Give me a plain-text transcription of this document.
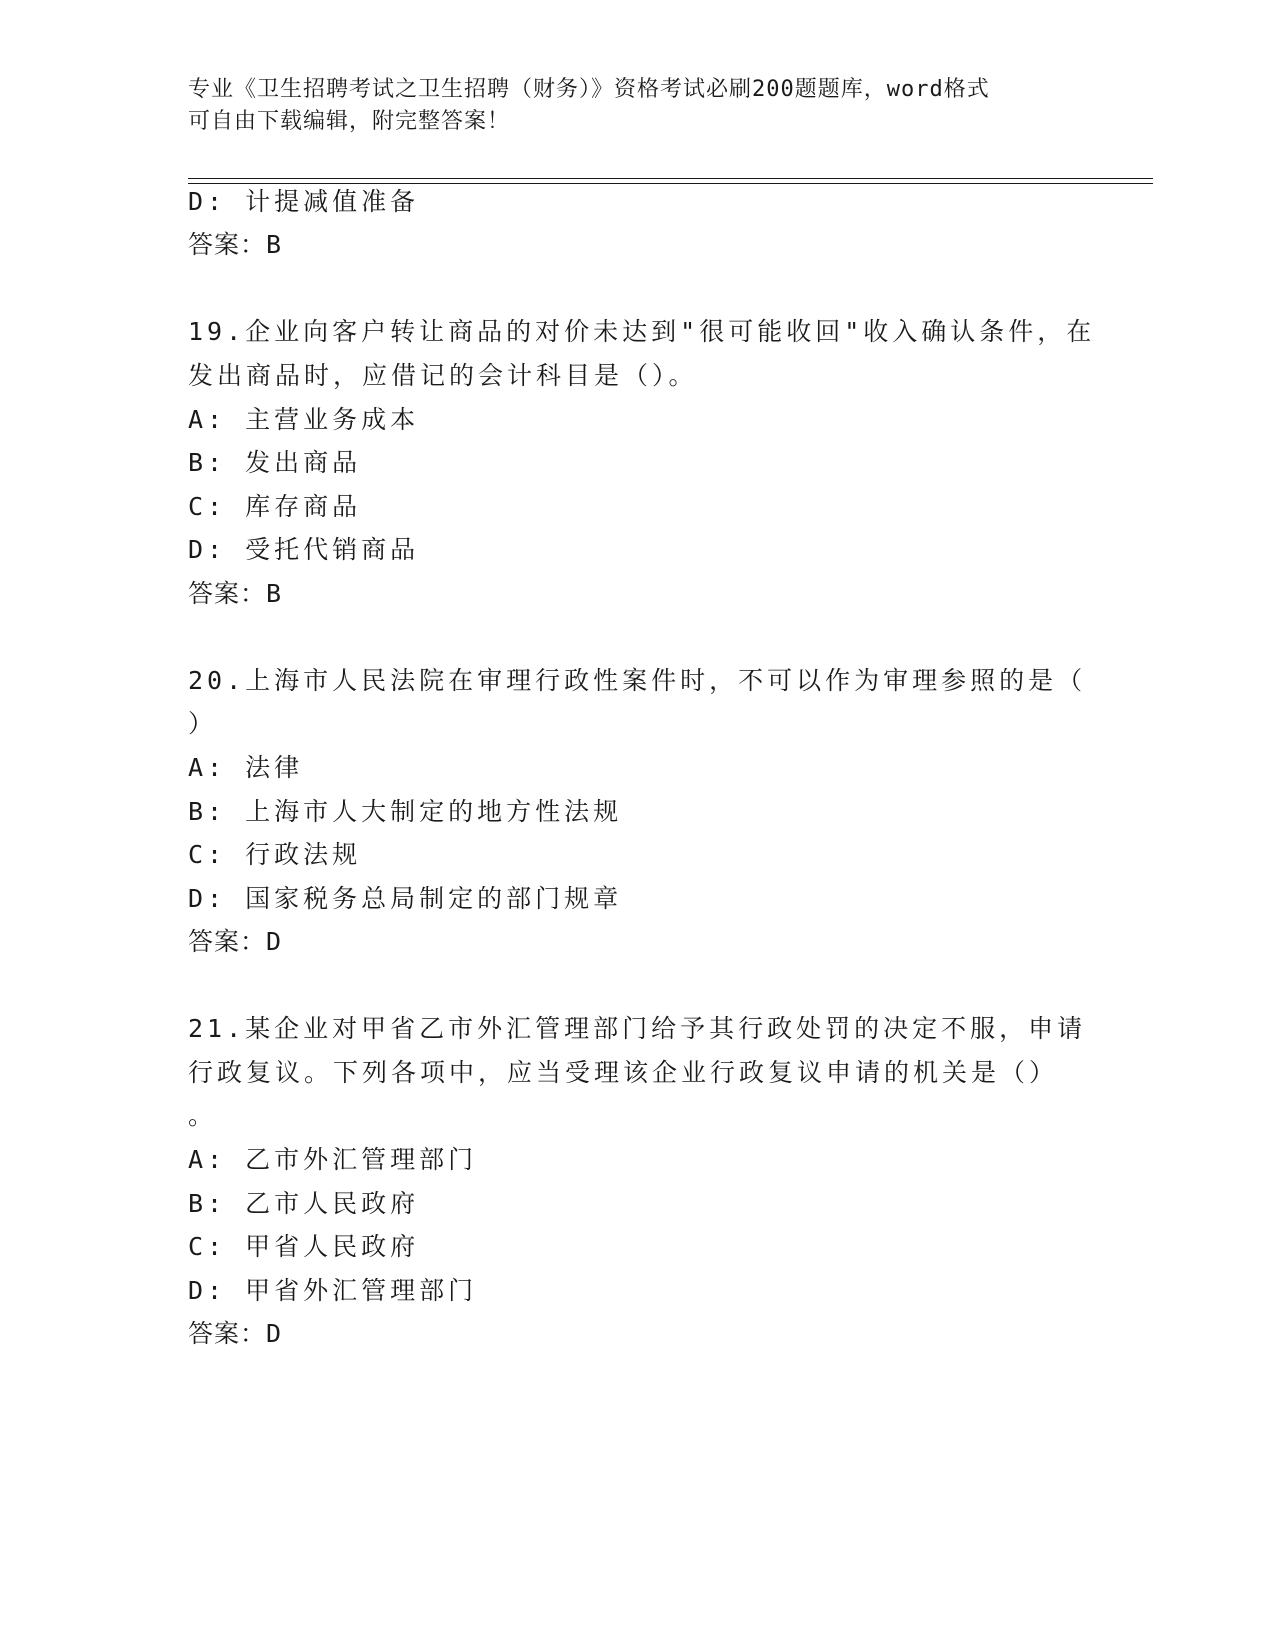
专业《卫生招聘考试之卫生招聘（财务）》资格考试必刷200题题库，word格式
可自由下载编辑，附完整答案！
D: 计提减值准备
答案：B
19.企业向客户转让商品的对价未达到"很可能收回"收入确认条件，在
发出商品时，应借记的会计科目是（）。
A: 主营业务成本
B: 发出商品
C: 库存商品
D: 受托代销商品
答案：B
20.上海市人民法院在审理行政性案件时，不可以作为审理参照的是（
）
A: 法律
B: 上海市人大制定的地方性法规
C: 行政法规
D: 国家税务总局制定的部门规章
答案：D
21.某企业对甲省乙市外汇管理部门给予其行政处罚的决定不服，申请
行政复议。下列各项中，应当受理该企业行政复议申请的机关是（）
。
A: 乙市外汇管理部门
B: 乙市人民政府
C: 甲省人民政府
D: 甲省外汇管理部门
答案：D
